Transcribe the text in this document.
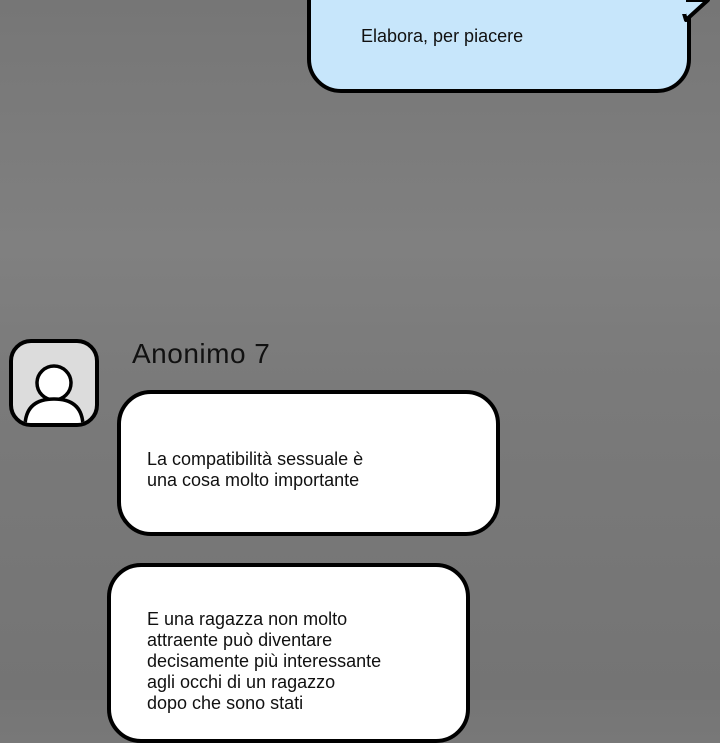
Elabora, per piacere

Anonimo 7

La compatibilità sessuale è
una cosa molto importante

E una ragazza non molto
attraente può diventare
decisamente più interessante
agli occhi di un ragazzo
dopo che sono stati
